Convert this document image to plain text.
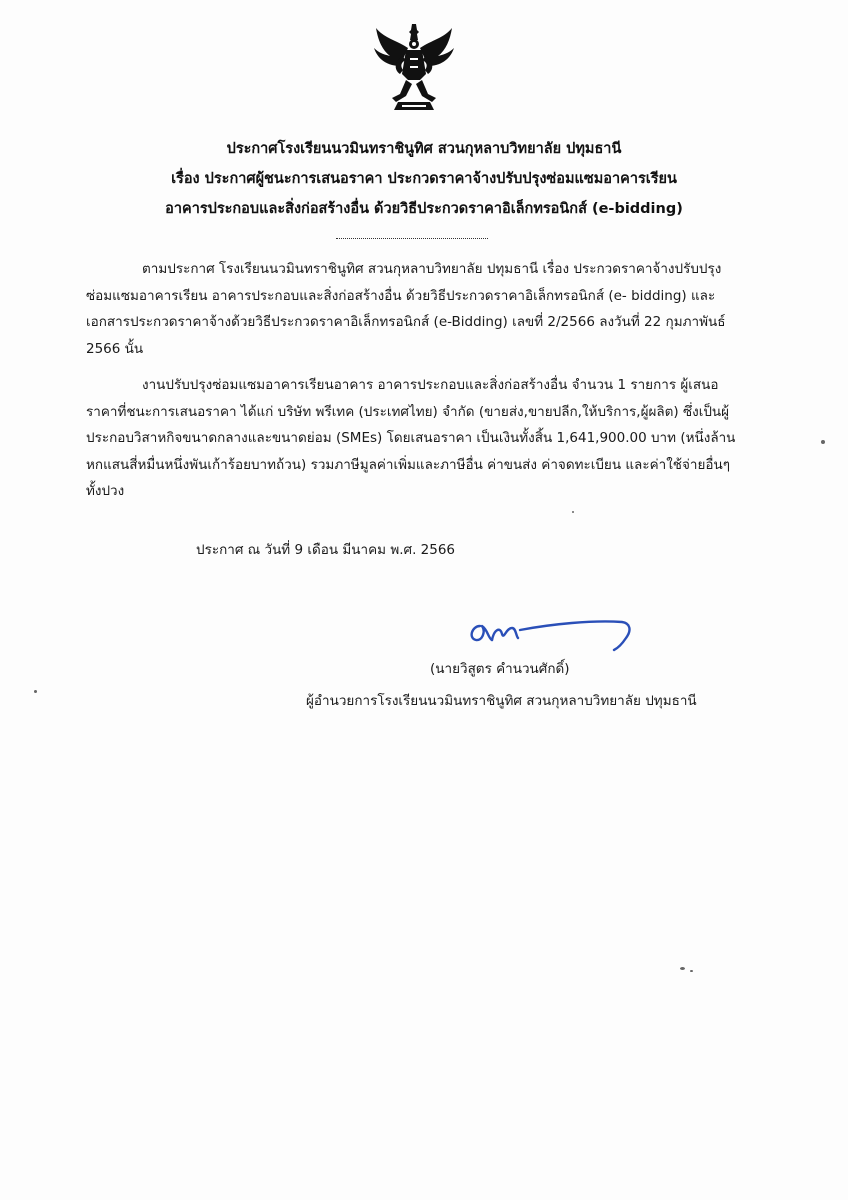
ประกาศโรงเรียนนวมินทราชินูทิศ สวนกุหลาบวิทยาลัย ปทุมธานี
เรื่อง ประกาศผู้ชนะการเสนอราคา ประกวดราคาจ้างปรับปรุงซ่อมแซมอาคารเรียน
อาคารประกอบและสิ่งก่อสร้างอื่น ด้วยวิธีประกวดราคาอิเล็กทรอนิกส์ (e-bidding)
ตามประกาศ โรงเรียนนวมินทราชินูทิศ สวนกุหลาบวิทยาลัย ปทุมธานี เรื่อง ประกวดราคาจ้างปรับปรุง
ซ่อมแซมอาคารเรียน อาคารประกอบและสิ่งก่อสร้างอื่น ด้วยวิธีประกวดราคาอิเล็กทรอนิกส์ (e- bidding) และ
เอกสารประกวดราคาจ้างด้วยวิธีประกวดราคาอิเล็กทรอนิกส์ (e-Bidding) เลขที่ 2/2566 ลงวันที่ 22 กุมภาพันธ์
2566 นั้น
งานปรับปรุงซ่อมแซมอาคารเรียนอาคาร อาคารประกอบและสิ่งก่อสร้างอื่น จำนวน 1 รายการ ผู้เสนอ
ราคาที่ชนะการเสนอราคา ได้แก่ บริษัท พรีเทค (ประเทศไทย) จำกัด (ขายส่ง,ขายปลีก,ให้บริการ,ผู้ผลิต) ซึ่งเป็นผู้
ประกอบวิสาหกิจขนาดกลางและขนาดย่อม (SMEs) โดยเสนอราคา เป็นเงินทั้งสิ้น 1,641,900.00 บาท (หนึ่งล้าน
หกแสนสี่หมื่นหนึ่งพันเก้าร้อยบาทถ้วน) รวมภาษีมูลค่าเพิ่มและภาษีอื่น ค่าขนส่ง ค่าจดทะเบียน และค่าใช้จ่ายอื่นๆ
ทั้งปวง
ประกาศ ณ วันที่ 9 เดือน มีนาคม พ.ศ. 2566
(นายวิสูตร คำนวนศักดิ์)
ผู้อำนวยการโรงเรียนนวมินทราชินูทิศ สวนกุหลาบวิทยาลัย ปทุมธานี
